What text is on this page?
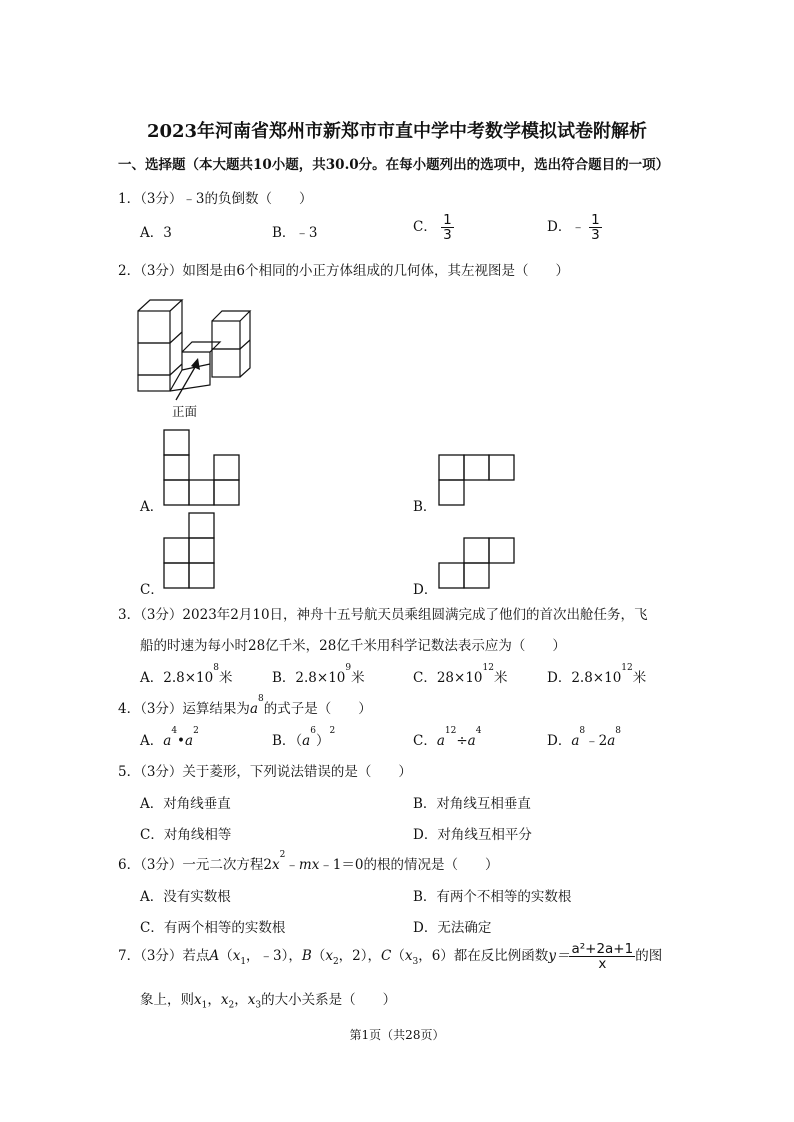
2023年河南省郑州市新郑市市直中学中考数学模拟试卷附解析
一、选择题（本大题共10小题，共30.0分。在每小题列出的选项中，选出符合题目的一项）
1．（3分）﹣3的负倒数（　　）
A．3	B．﹣3	C． $\frac{1}{3}$	D．﹣ $\frac{1}{3}$
2．（3分）如图是由6个相同的小正方体组成的几何体，其左视图是（　　）
正面
A．	B．
C．	D．
3．（3分）2023年2月10日，神舟十五号航天员乘组圆满完成了他们的首次出舱任务，飞
船的时速为每小时28亿千米，28亿千米用科学记数法表示应为（　　）
A．$2.8\times 10^8$米	B．$2.8\times 10^9$米	C．$28\times 10^{12}$米	D．$2.8\times 10^{12}$米
4．（3分）运算结果为$a^8$的式子是（　　）
A．$a^4•a^2$
B．$(a^6)^2$
C．$a^{12}\div a^4$
D．$a^8﹣2a^8$
5．（3分）关于菱形，下列说法错误的是（　　）
A．对角线垂直	B．对角线互相垂直
C．对角线相等	D．对角线互相平分
6．（3分）一元二次方程$2x^2﹣mx﹣1=0$的根的情况是（　　）
A．没有实数根	B．有两个不相等的实数根
C．有两个相等的实数根	D．无法确定
7．（3分）若点$A(x_1$，﹣3），$B(x_2$，2），$C(x_3$，6）都在反比例函数$y= \frac{\text{a²+2a+1}}{x}$ 的图
象上，则$x_1$，$x_2$，$x_3$的大小关系是（　　）
第1页（共28页）
